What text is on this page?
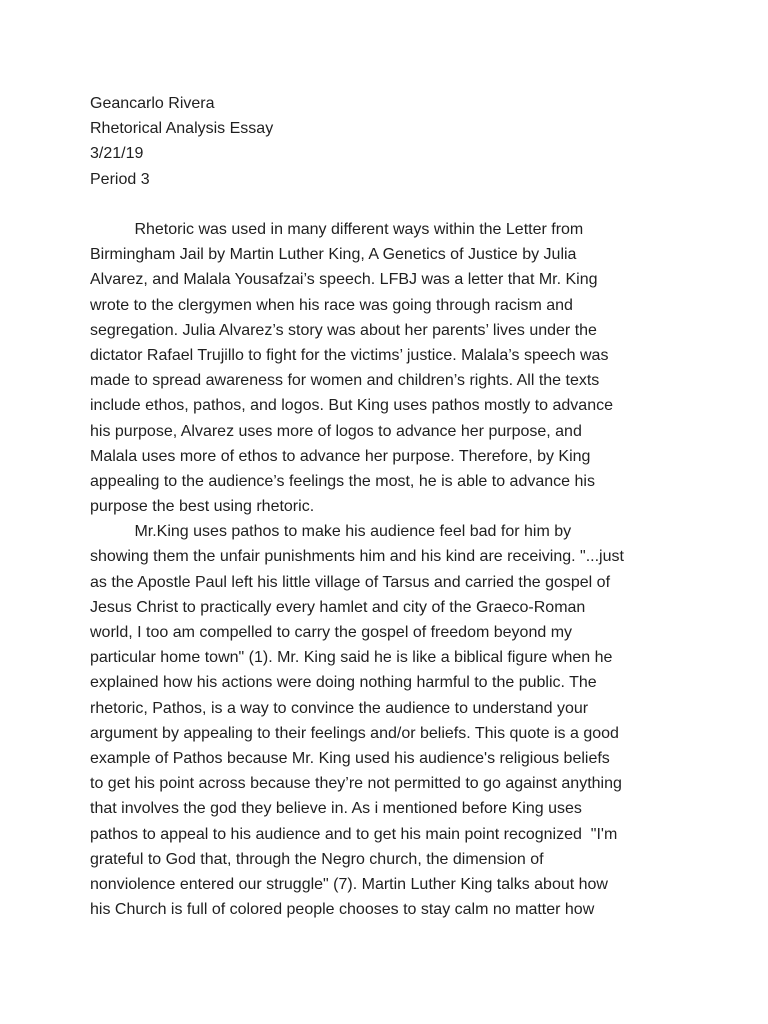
Geancarlo Rivera
Rhetorical Analysis Essay
3/21/19
Period 3
Rhetoric was used in many different ways within the Letter from
Birmingham Jail by Martin Luther King, A Genetics of Justice by Julia
Alvarez, and Malala Yousafzai’s speech. LFBJ was a letter that Mr. King
wrote to the clergymen when his race was going through racism and
segregation. Julia Alvarez’s story was about her parents’ lives under the
dictator Rafael Trujillo to fight for the victims’ justice. Malala’s speech was
made to spread awareness for women and children’s rights. All the texts
include ethos, pathos, and logos. But King uses pathos mostly to advance
his purpose, Alvarez uses more of logos to advance her purpose, and
Malala uses more of ethos to advance her purpose. Therefore, by King
appealing to the audience’s feelings the most, he is able to advance his
purpose the best using rhetoric.
Mr.King uses pathos to make his audience feel bad for him by
showing them the unfair punishments him and his kind are receiving. "...just
as the Apostle Paul left his little village of Tarsus and carried the gospel of
Jesus Christ to practically every hamlet and city of the Graeco-Roman
world, I too am compelled to carry the gospel of freedom beyond my
particular home town" (1). Mr. King said he is like a biblical figure when he
explained how his actions were doing nothing harmful to the public. The
rhetoric, Pathos, is a way to convince the audience to understand your
argument by appealing to their feelings and/or beliefs. This quote is a good
example of Pathos because Mr. King used his audience's religious beliefs
to get his point across because they’re not permitted to go against anything
that involves the god they believe in. As i mentioned before King uses
pathos to appeal to his audience and to get his main point recognized  "I'm
grateful to God that, through the Negro church, the dimension of
nonviolence entered our struggle" (7). Martin Luther King talks about how
his Church is full of colored people chooses to stay calm no matter how
